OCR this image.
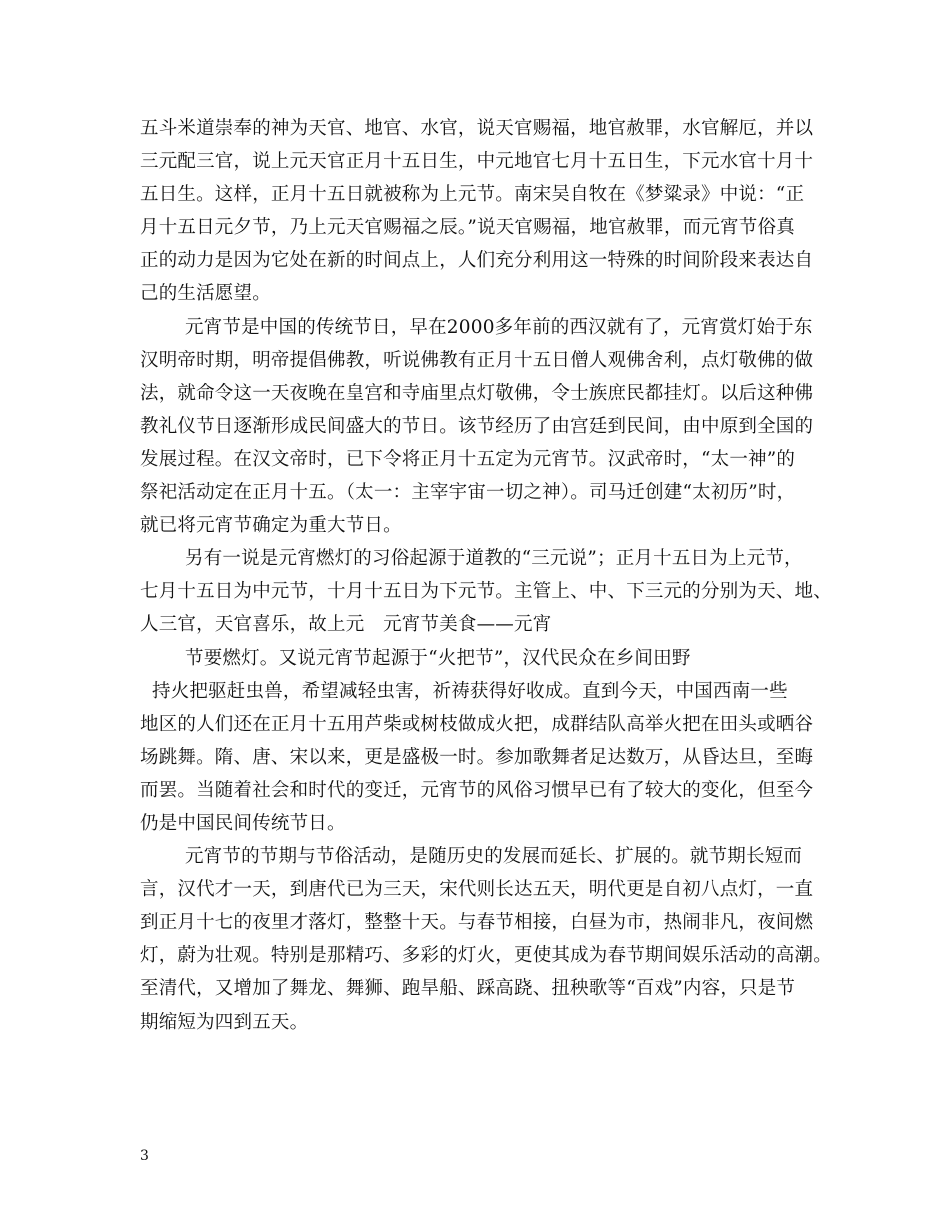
五斗米道崇奉的神为天官、地官、水官，说天官赐福，地官赦罪，水官解厄，并以
三元配三官，说上元天官正月十五日生，中元地官七月十五日生，下元水官十月十
五日生。这样，正月十五日就被称为上元节。南宋吴自牧在《梦粱录》中说：“正
月十五日元夕节，乃上元天官赐福之辰。”说天官赐福，地官赦罪，而元宵节俗真
正的动力是因为它处在新的时间点上，人们充分利用这一特殊的时间阶段来表达自
己的生活愿望。
元宵节是中国的传统节日，早在2000多年前的西汉就有了，元宵赏灯始于东
汉明帝时期，明帝提倡佛教，听说佛教有正月十五日僧人观佛舍利，点灯敬佛的做
法，就命令这一天夜晚在皇宫和寺庙里点灯敬佛，令士族庶民都挂灯。以后这种佛
教礼仪节日逐渐形成民间盛大的节日。该节经历了由宫廷到民间，由中原到全国的
发展过程。在汉文帝时，已下令将正月十五定为元宵节。汉武帝时，“太一神”的
祭祀活动定在正月十五。（太一：主宰宇宙一切之神）。司马迁创建“太初历”时，
就已将元宵节确定为重大节日。
另有一说是元宵燃灯的习俗起源于道教的“三元说”；正月十五日为上元节，
七月十五日为中元节，十月十五日为下元节。主管上、中、下三元的分别为天、地、
人三官，天官喜乐，故上元　元宵节美食——元宵
节要燃灯。又说元宵节起源于“火把节”，汉代民众在乡间田野
持火把驱赶虫兽，希望减轻虫害，祈祷获得好收成。直到今天，中国西南一些
地区的人们还在正月十五用芦柴或树枝做成火把，成群结队高举火把在田头或晒谷
场跳舞。隋、唐、宋以来，更是盛极一时。参加歌舞者足达数万，从昏达旦，至晦
而罢。当随着社会和时代的变迁，元宵节的风俗习惯早已有了较大的变化，但至今
仍是中国民间传统节日。
元宵节的节期与节俗活动，是随历史的发展而延长、扩展的。就节期长短而
言，汉代才一天，到唐代已为三天，宋代则长达五天，明代更是自初八点灯，一直
到正月十七的夜里才落灯，整整十天。与春节相接，白昼为市，热闹非凡，夜间燃
灯，蔚为壮观。特别是那精巧、多彩的灯火，更使其成为春节期间娱乐活动的高潮。
至清代，又增加了舞龙、舞狮、跑旱船、踩高跷、扭秧歌等“百戏”内容，只是节
期缩短为四到五天。
3
